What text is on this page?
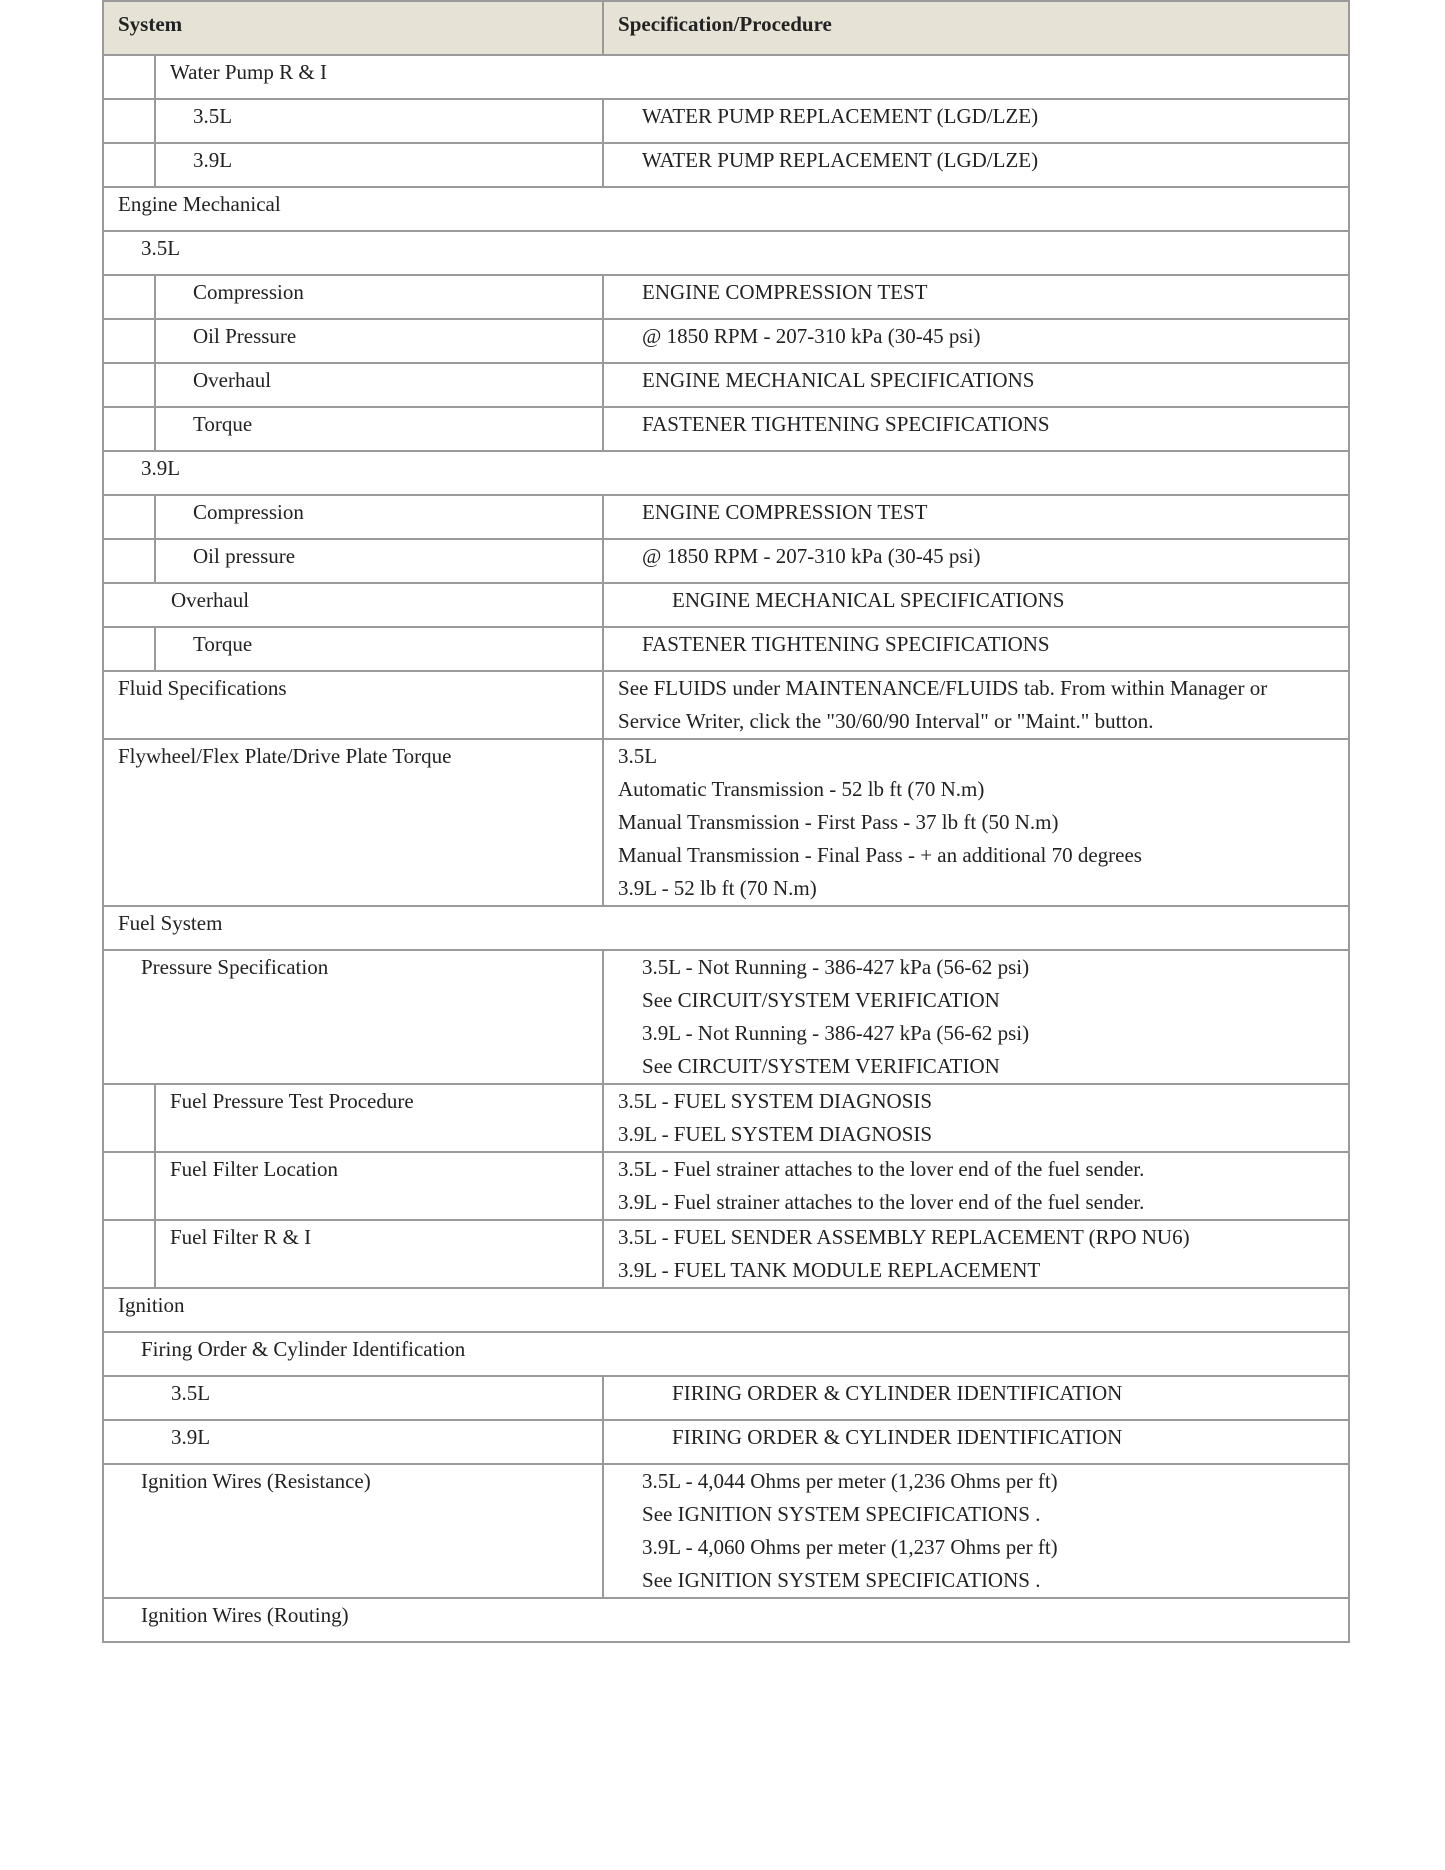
System		Specification/Procedure
	Water Pump R & I	
	3.5L	WATER PUMP REPLACEMENT (LGD/LZE)
	3.9L	WATER PUMP REPLACEMENT (LGD/LZE)
Engine Mechanical		
3.5L		
	Compression	ENGINE COMPRESSION TEST
	Oil Pressure	@ 1850 RPM - 207-310 kPa (30-45 psi)
	Overhaul	ENGINE MECHANICAL SPECIFICATIONS
	Torque	FASTENER TIGHTENING SPECIFICATIONS
3.9L		
	Compression	ENGINE COMPRESSION TEST
	Oil pressure	@ 1850 RPM - 207-310 kPa (30-45 psi)
Overhaul		ENGINE MECHANICAL SPECIFICATIONS
	Torque	FASTENER TIGHTENING SPECIFICATIONS
Fluid Specifications		See FLUIDS under MAINTENANCE/FLUIDS tab. From within Manager or
Service Writer, click the "30/60/90 Interval" or "Maint." button.

Flywheel/Flex Plate/Drive Plate Torque		3.5L
Automatic Transmission - 52 lb ft (70 N.m)
Manual Transmission - First Pass - 37 lb ft (50 N.m)
Manual Transmission - Final Pass - + an additional 70 degrees
3.9L - 52 lb ft (70 N.m)

Fuel System		
Pressure Specification		3.5L - Not Running - 386-427 kPa (56-62 psi)
See CIRCUIT/SYSTEM VERIFICATION
3.9L - Not Running - 386-427 kPa (56-62 psi)
See CIRCUIT/SYSTEM VERIFICATION

	Fuel Pressure Test Procedure	3.5L - FUEL SYSTEM DIAGNOSIS
3.9L - FUEL SYSTEM DIAGNOSIS

	Fuel Filter Location	3.5L - Fuel strainer attaches to the lover end of the fuel sender.
3.9L - Fuel strainer attaches to the lover end of the fuel sender.

	Fuel Filter R & I	3.5L - FUEL SENDER ASSEMBLY REPLACEMENT (RPO NU6)
3.9L - FUEL TANK MODULE REPLACEMENT

Ignition		
Firing Order & Cylinder Identification		
3.5L		FIRING ORDER & CYLINDER IDENTIFICATION
3.9L		FIRING ORDER & CYLINDER IDENTIFICATION
Ignition Wires (Resistance)		3.5L - 4,044 Ohms per meter (1,236 Ohms per ft)
See IGNITION SYSTEM SPECIFICATIONS .
3.9L - 4,060 Ohms per meter (1,237 Ohms per ft)
See IGNITION SYSTEM SPECIFICATIONS .

Ignition Wires (Routing)		
